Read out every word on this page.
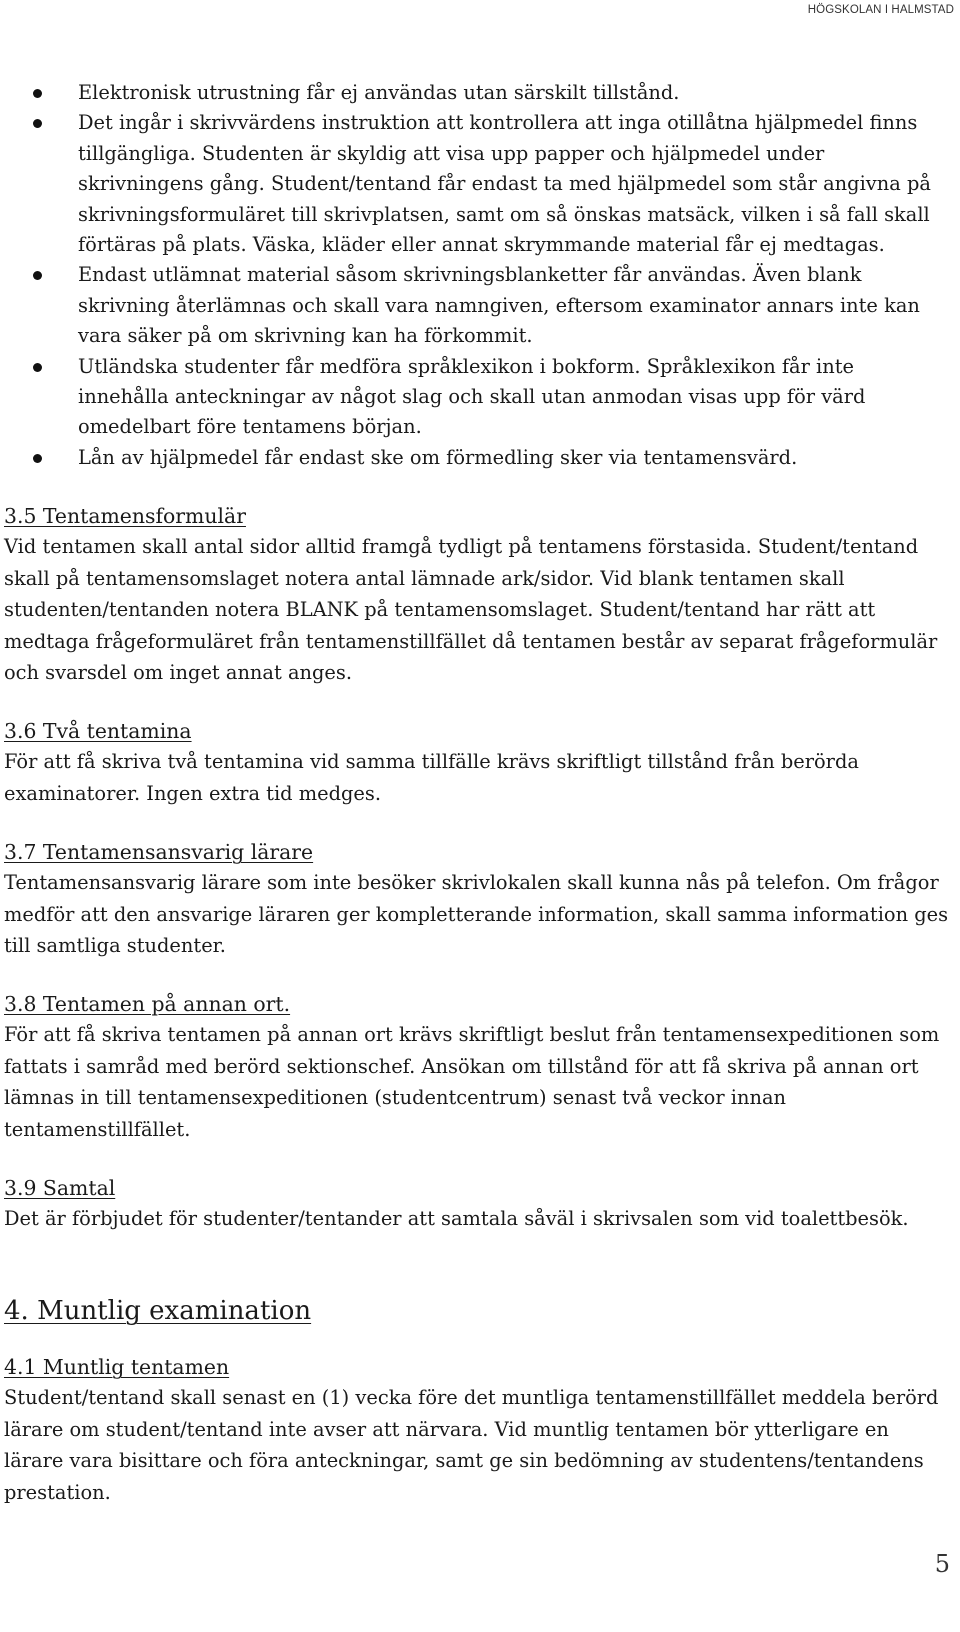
HÖGSKOLAN I HALMSTAD
Elektronisk utrustning får ej användas utan särskilt tillstånd.
Det ingår i skrivvärdens instruktion att kontrollera att inga otillåtna hjälpmedel finns tillgängliga. Studenten är skyldig att visa upp papper och hjälpmedel under skrivningens gång. Student/tentand får endast ta med hjälpmedel som står angivna på skrivningsformuläret till skrivplatsen, samt om så önskas matsäck, vilken i så fall skall förtäras på plats. Väska, kläder eller annat skrymmande material får ej medtagas.
Endast utlämnat material såsom skrivningsblanketter får användas. Även blank skrivning återlämnas och skall vara namngiven, eftersom examinator annars inte kan vara säker på om skrivning kan ha förkommit.
Utländska studenter får medföra språklexikon i bokform. Språklexikon får inte innehålla anteckningar av något slag och skall utan anmodan visas upp för värd omedelbart före tentamens början.
Lån av hjälpmedel får endast ske om förmedling sker via tentamensvärd.
3.5 Tentamensformulär

Vid tentamen skall antal sidor alltid framgå tydligt på tentamens förstasida. Student/tentand skall på tentamensomslaget notera antal lämnade ark/sidor. Vid blank tentamen skall studenten/tentanden notera BLANK på tentamensomslaget. Student/tentand har rätt att medtaga frågeformuläret från tentamenstillfället då tentamen består av separat frågeformulär och svarsdel om inget annat anges.

3.6 Två tentamina

För att få skriva två tentamina vid samma tillfälle krävs skriftligt tillstånd från berörda examinatorer. Ingen extra tid medges.

3.7 Tentamensansvarig lärare

Tentamensansvarig lärare som inte besöker skrivlokalen skall kunna nås på telefon. Om frågor medför att den ansvarige läraren ger kompletterande information, skall samma information ges till samtliga studenter.

3.8 Tentamen på annan ort.

För att få skriva tentamen på annan ort krävs skriftligt beslut från tentamensexpeditionen som fattats i samråd med berörd sektionschef. Ansökan om tillstånd för att få skriva på annan ort lämnas in till tentamensexpeditionen (studentcentrum) senast två veckor innan tentamenstillfället.

3.9 Samtal

Det är förbjudet för studenter/tentander att samtala såväl i skrivsalen som vid toalettbesök.

4. Muntlig examination
4.1 Muntlig tentamen

Student/tentand skall senast en (1) vecka före det muntliga tentamenstillfället meddela berörd lärare om student/tentand inte avser att närvara. Vid muntlig tentamen bör ytterligare en lärare vara bisittare och föra anteckningar, samt ge sin bedömning av studentens/tentandens prestation.

5
